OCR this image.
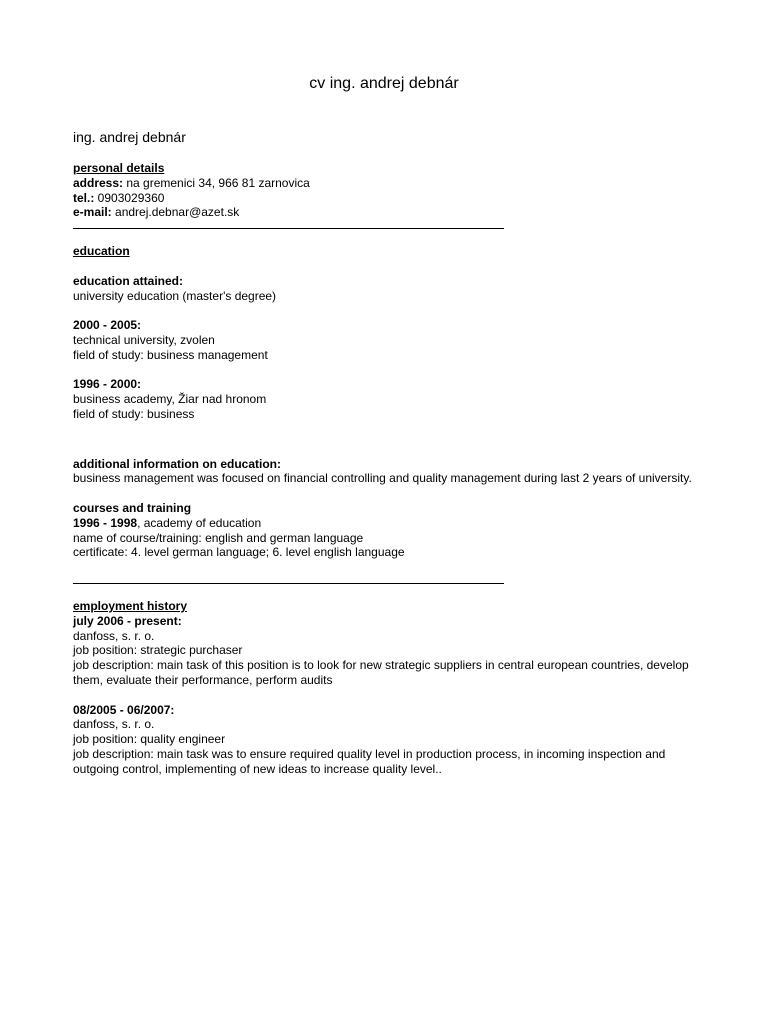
cv ing. andrej debnár
ing. andrej debnár
personal details
address: na gremenici 34, 966 81 zarnovica
tel.: 0903029360
e-mail: andrej.debnar@azet.sk
education
education attained:
university education (master's degree)
2000 - 2005:
technical university, zvolen
field of study: business management
1996 - 2000:
business academy, Žiar nad hronom
field of study: business
additional information on education:
business management was focused on financial controlling and quality management during last 2 years of university.
courses and training
1996 - 1998, academy of education
name of course/training: english and german language
certificate: 4. level german language; 6. level english language
employment history
july 2006 - present:
danfoss, s. r. o.
job position: strategic purchaser
job description: main task of this position is to look for new strategic suppliers in central european countries, develop them, evaluate their performance, perform audits
08/2005 - 06/2007:
danfoss, s. r. o.
job position: quality engineer
job description: main task was to ensure required quality level in production process, in incoming inspection and outgoing control, implementing of new ideas to increase quality level..
